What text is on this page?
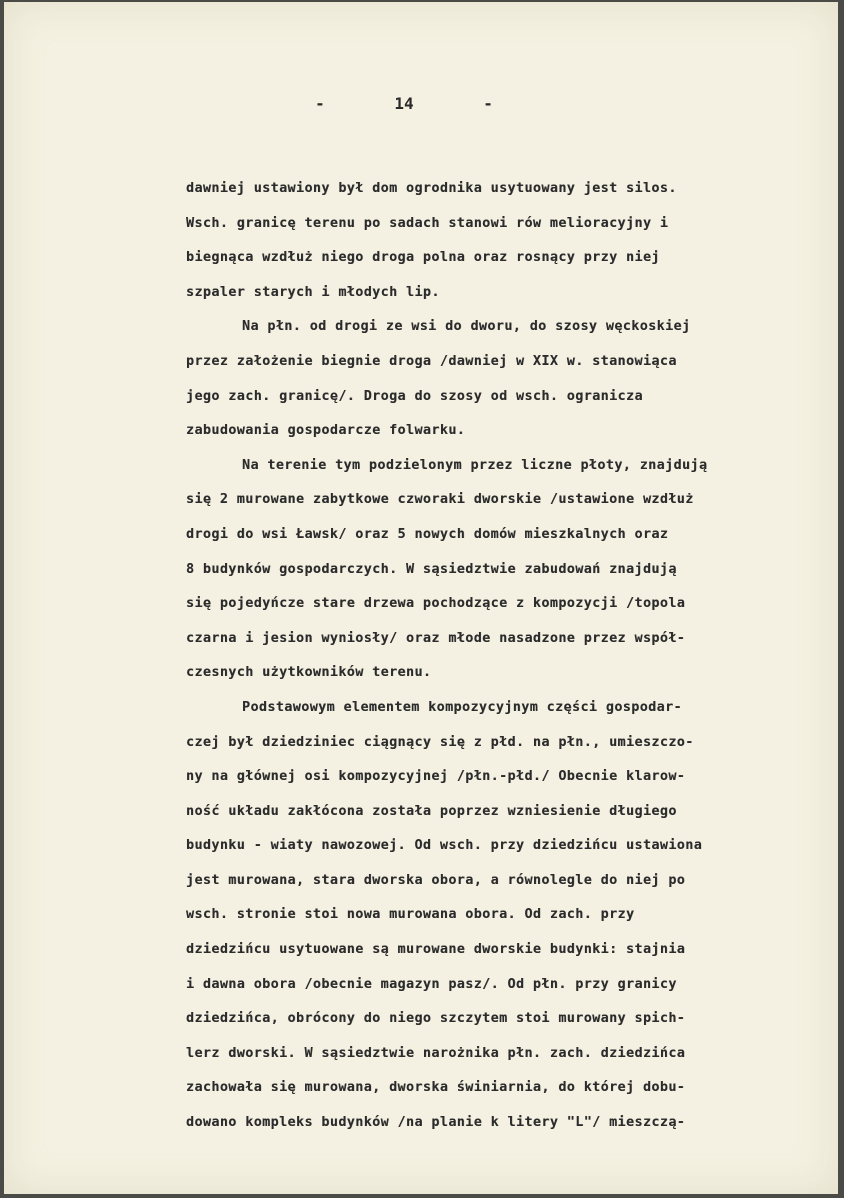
-	14	-
dawniej ustawiony był dom ogrodnika usytuowany jest silos.
Wsch. granicę terenu po sadach stanowi rów melioracyjny i
biegnąca wzdłuż niego droga polna oraz rosnący przy niej
szpaler starych i młodych lip.
Na płn. od drogi ze wsi do dworu, do szosy węckoskiej
przez założenie biegnie droga /dawniej w XIX w. stanowiąca
jego zach. granicę/. Droga do szosy od wsch. ogranicza
zabudowania gospodarcze folwarku.
Na terenie tym podzielonym przez liczne płoty, znajdują
się 2 murowane zabytkowe czworaki dworskie /ustawione wzdłuż
drogi do wsi Ławsk/ oraz 5 nowych domów mieszkalnych oraz
8 budynków gospodarczych. W sąsiedztwie zabudowań znajdują
się pojedyńcze stare drzewa pochodzące z kompozycji /topola
czarna i jesion wyniosły/ oraz młode nasadzone przez współ-
czesnych użytkowników terenu.
Podstawowym elementem kompozycyjnym części gospodar-
czej był dziedziniec ciągnący się z płd. na płn., umieszczo-
ny na głównej osi kompozycyjnej /płn.-płd./ Obecnie klarow-
ność układu zakłócona została poprzez wzniesienie długiego
budynku - wiaty nawozowej. Od wsch. przy dziedzińcu ustawiona
jest murowana, stara dworska obora, a równolegle do niej po
wsch. stronie stoi nowa murowana obora. Od zach. przy
dziedzińcu usytuowane są murowane dworskie budynki: stajnia
i dawna obora /obecnie magazyn pasz/. Od płn. przy granicy
dziedzińca, obrócony do niego szczytem stoi murowany spich-
lerz dworski. W sąsiedztwie narożnika płn. zach. dziedzińca
zachowała się murowana, dworska świniarnia, do której dobu-
dowano kompleks budynków /na planie k litery "L"/ mieszczą-
